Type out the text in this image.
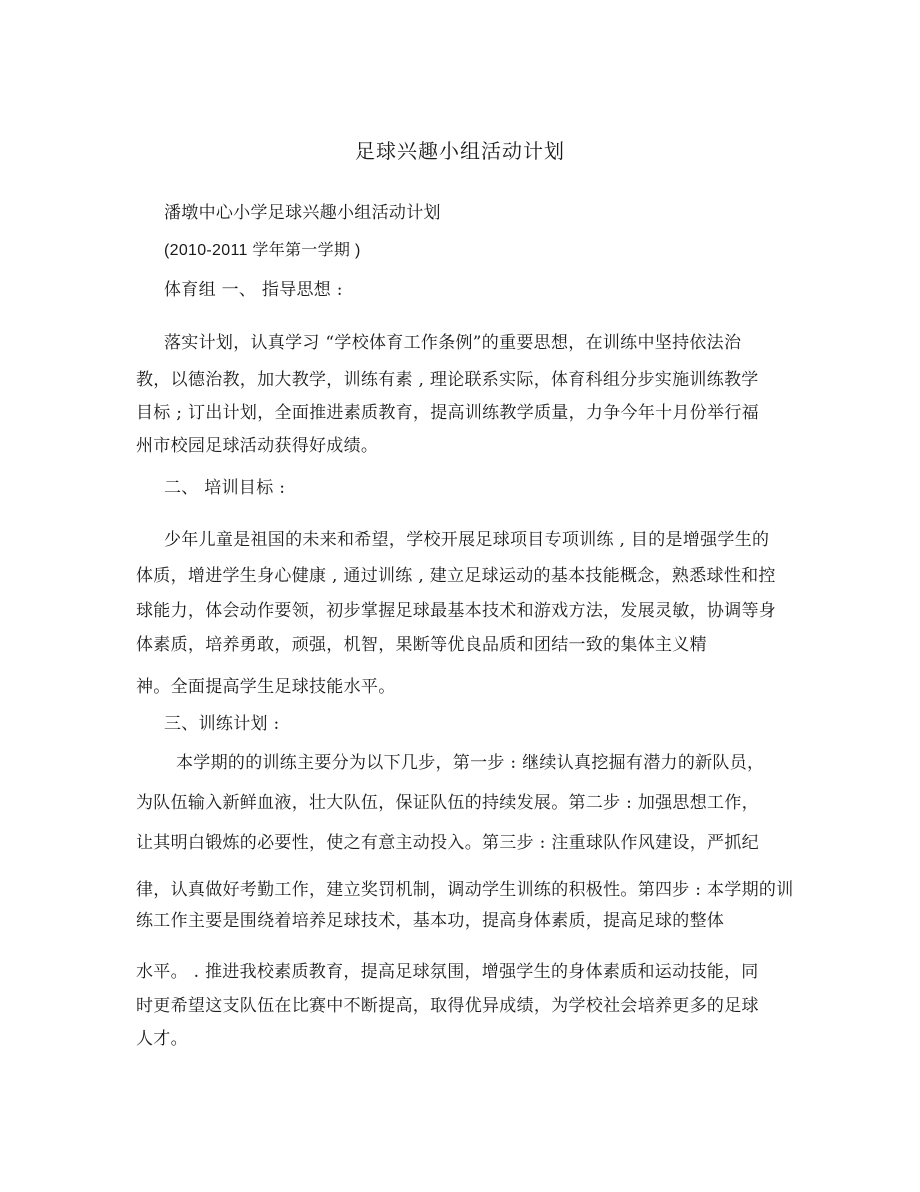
足球兴趣小组活动计划
潘墩中心小学足球兴趣小组活动计划
(2010-2011 学年第一学期 )
体育组 一、 指导思想 :
落实计划，认真学习 “学校体育工作条例”的重要思想，在训练中坚持依法治
教，以德治教，加大教学，训练有素 , 理论联系实际，体育科组分步实施训练教学
目标 ; 订出计划，全面推进素质教育，提高训练教学质量，力争今年十月份举行福
州市校园足球活动获得好成绩。
二、 培训目标 :
少年儿童是祖国的未来和希望，学校开展足球项目专项训练 , 目的是增强学生的
体质，增进学生身心健康 , 通过训练 , 建立足球运动的基本技能概念，熟悉球性和控
球能力，体会动作要领，初步掌握足球最基本技术和游戏方法，发展灵敏，协调等身
体素质，培养勇敢，顽强，机智，果断等优良品质和团结一致的集体主义精
神。全面提高学生足球技能水平。
三、训练计划 :
本学期的的训练主要分为以下几步，第一步 : 继续认真挖掘有潜力的新队员，
为队伍输入新鲜血液，壮大队伍，保证队伍的持续发展。第二步 : 加强思想工作，
让其明白锻炼的必要性，使之有意主动投入。第三步 : 注重球队作风建设，严抓纪
律，认真做好考勤工作，建立奖罚机制，调动学生训练的积极性。第四步 : 本学期的训
练工作主要是围绕着培养足球技术，基本功，提高身体素质，提高足球的整体
水平。 . 推进我校素质教育，提高足球氛围，增强学生的身体素质和运动技能，同
时更希望这支队伍在比赛中不断提高，取得优异成绩，为学校社会培养更多的足球
人才。
